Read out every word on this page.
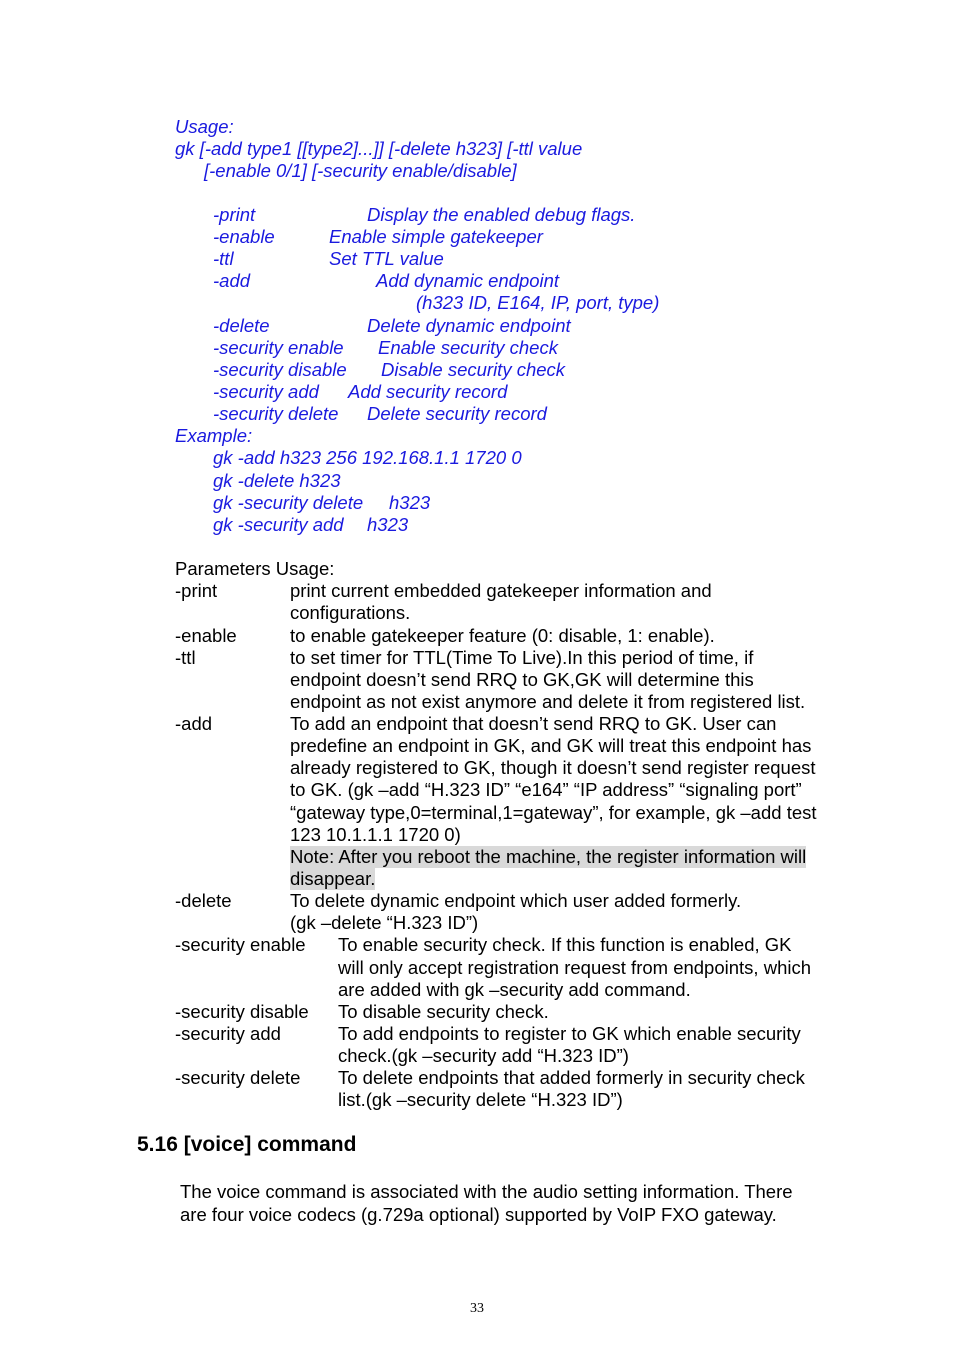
Usage:
gk [-add type1 [[type2]...]] [-delete h323] [-ttl value
[-enable 0/1] [-security enable/disable]
-print	Display the enabled debug flags.
-enable	Enable simple gatekeeper
-ttl	Set TTL value
-add	Add dynamic endpoint
(h323 ID, E164, IP, port, type)
-delete	Delete dynamic endpoint
-security enable Enable security check
-security disable Disable security check
-security add Add security record
-security delete Delete security record
Example:
gk -add h323 256 192.168.1.1 1720 0
gk -delete h323
gk -security delete h323
gk -security add h323
Parameters Usage:
-print	print current embedded gatekeeper information and
configurations.
-enable	to enable gatekeeper feature (0: disable, 1: enable).
-ttl	to set timer for TTL(Time To Live).In this period of time, if
endpoint doesn’t send RRQ to GK,GK will determine this
endpoint as not exist anymore and delete it from registered list.
-add	To add an endpoint that doesn’t send RRQ to GK. User can
predefine an endpoint in GK, and GK will treat this endpoint has
already registered to GK, though it doesn’t send register request
to GK. (gk –add “H.323 ID” “e164” “IP address” “signaling port”
“gateway type,0=terminal,1=gateway”, for example, gk –add test
123 10.1.1.1 1720 0)
Note: After you reboot the machine, the register information will
disappear.
-delete	To delete dynamic endpoint which user added formerly.
(gk –delete “H.323 ID”)
-security enable To enable security check. If this function is enabled, GK
will only accept registration request from endpoints, which
are added with gk –security add command.
-security disable To disable security check.
-security add	To add endpoints to register to GK which enable security
check.(gk –security add “H.323 ID”)
-security delete To delete endpoints that added formerly in security check
list.(gk –security delete “H.323 ID”)
5.16 [voice] command
The voice command is associated with the audio setting information. There
are four voice codecs (g.729a optional) supported by VoIP FXO gateway.
33
